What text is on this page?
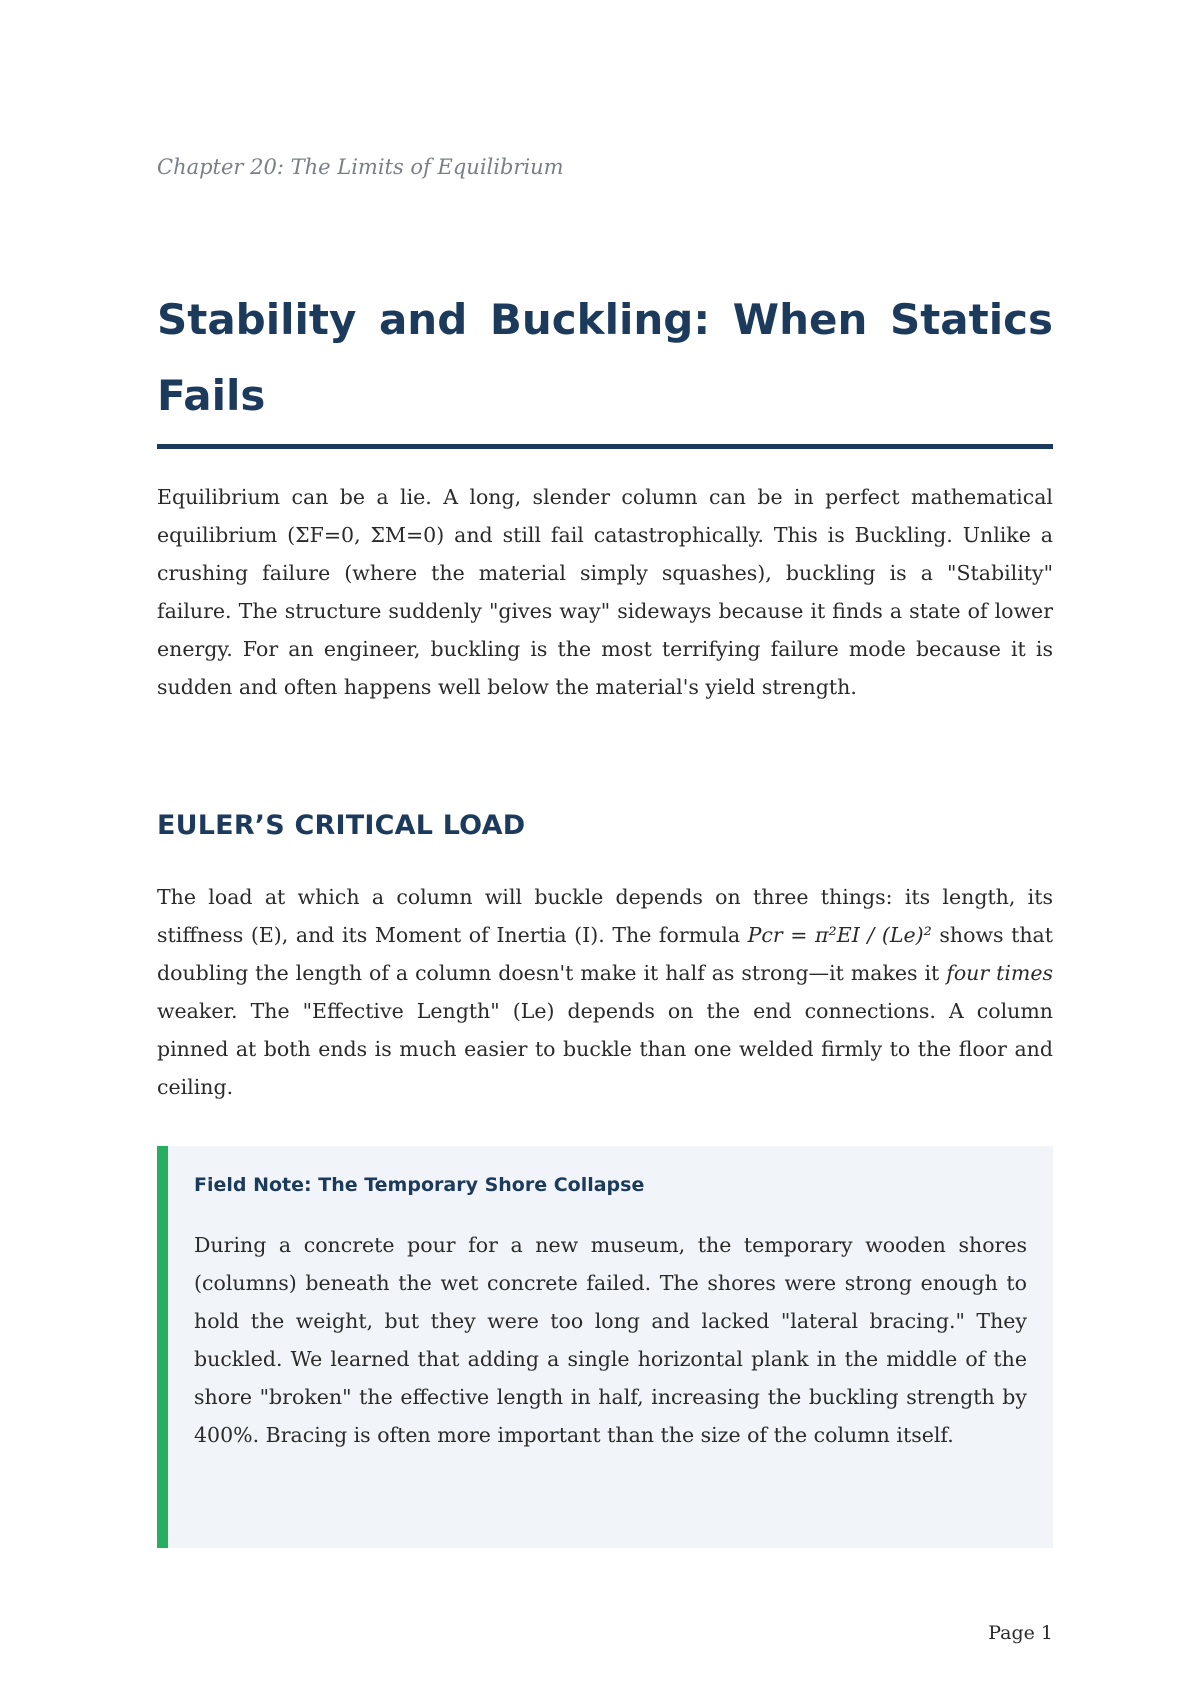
Chapter 20: The Limits of Equilibrium
Stability and Buckling: When Statics Fails

Equilibrium can be a lie. A long, slender column can be in perfect mathematical equilibrium (ΣF=0, ΣM=0) and still fail catastrophically. This is Buckling. Unlike a crushing failure (where the material simply squashes), buckling is a "Stability" failure. The structure suddenly "gives way" sideways because it finds a state of lower energy. For an engineer, buckling is the most terrifying failure mode because it is sudden and often happens well below the material's yield strength.

EULER’S CRITICAL LOAD

The load at which a column will buckle depends on three things: its length, its stiffness (E), and its Moment of Inertia (I). The formula Pcr = π²EI / (Le)² shows that doubling the length of a column doesn't make it half as strong—it makes it four times weaker. The "Effective Length" (Le) depends on the end connections. A column pinned at both ends is much easier to buckle than one welded firmly to the floor and ceiling.

Field Note: The Temporary Shore Collapse

During a concrete pour for a new museum, the temporary wooden shores (columns) beneath the wet concrete failed. The shores were strong enough to hold the weight, but they were too long and lacked "lateral bracing." They buckled. We learned that adding a single horizontal plank in the middle of the shore "broken" the effective length in half, increasing the buckling strength by 400%. Bracing is often more important than the size of the column itself.

Page 1
